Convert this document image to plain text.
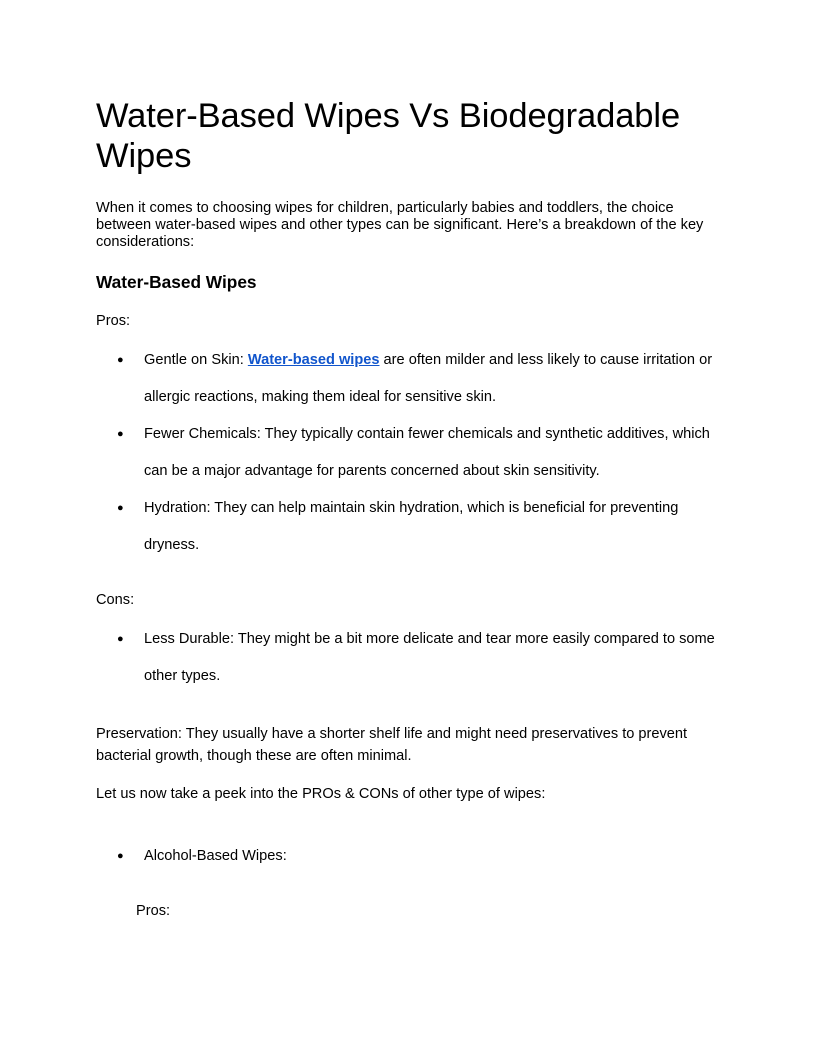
Water-Based Wipes Vs Biodegradable Wipes

When it comes to choosing wipes for children, particularly babies and toddlers, the choice between water-based wipes and other types can be significant. Here’s a breakdown of the key considerations:

Water-Based Wipes
Pros:
● Gentle on Skin: Water-based wipes are often milder and less likely to cause irritation or allergic reactions, making them ideal for sensitive skin.
● Fewer Chemicals: They typically contain fewer chemicals and synthetic additives, which can be a major advantage for parents concerned about skin sensitivity.
● Hydration: They can help maintain skin hydration, which is beneficial for preventing dryness.
Cons:
● Less Durable: They might be a bit more delicate and tear more easily compared to some other types.
Preservation: They usually have a shorter shelf life and might need preservatives to prevent bacterial growth, though these are often minimal.
Let us now take a peek into the PROs & CONs of other type of wipes:
● Alcohol-Based Wipes:
Pros:
